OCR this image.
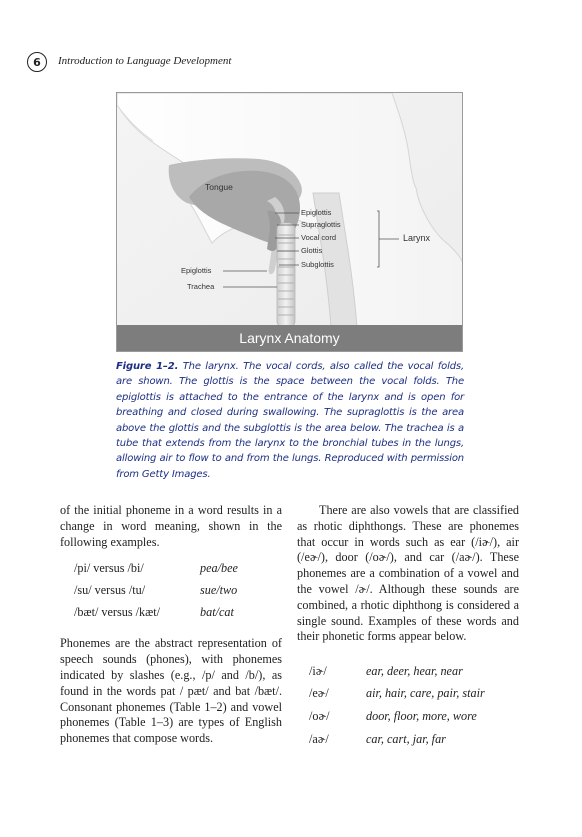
6	Introduction to Language Development
Tongue
Epiglottis
Supraglottis
Vocal cord
Glottis
Subglottis
Larynx
Epiglottis
Trachea
Larynx Anatomy
Figure 1–2. The larynx. The vocal cords, also called the vocal folds, are shown. The glottis is the space between the vocal folds. The epiglottis is attached to the entrance of the larynx and is open for breathing and closed during swallowing. The supraglottis is the area above the glottis and the subglottis is the area below. The trachea is a tube that extends from the larynx to the bronchial tubes in the lungs, allowing air to flow to and from the lungs. Reproduced with permission from Getty Images.
of the initial phoneme in a word results in a change in word meaning, shown in the following examples.
/pi/ versus /bi/	pea/bee
/su/ versus /tu/	sue/two
/bæt/ versus /kæt/	bat/cat
Phonemes are the abstract representation of speech sounds (phones), with phonemes indicated by slashes (e.g., /p/ and /b/), as found in the words pat / pæt/ and bat /bæt/. Consonant phonemes (Table 1–2) and vowel phonemes (Table 1–3) are types of English phonemes that compose words.
There are also vowels that are classified as rhotic diphthongs. These are phonemes that occur in words such as ear (/iɚ/), air (/eɚ/), door (/oɚ/), and car (/aɚ/). These phonemes are a combination of a vowel and the vowel /ɚ/. Although these sounds are combined, a rhotic diphthong is considered a single sound. Examples of these words and their phonetic forms appear below.
/iɚ/	ear, deer, hear, near
/eɚ/	air, hair, care, pair, stair
/oɚ/	door, floor, more, wore
/aɚ/	car, cart, jar, far
